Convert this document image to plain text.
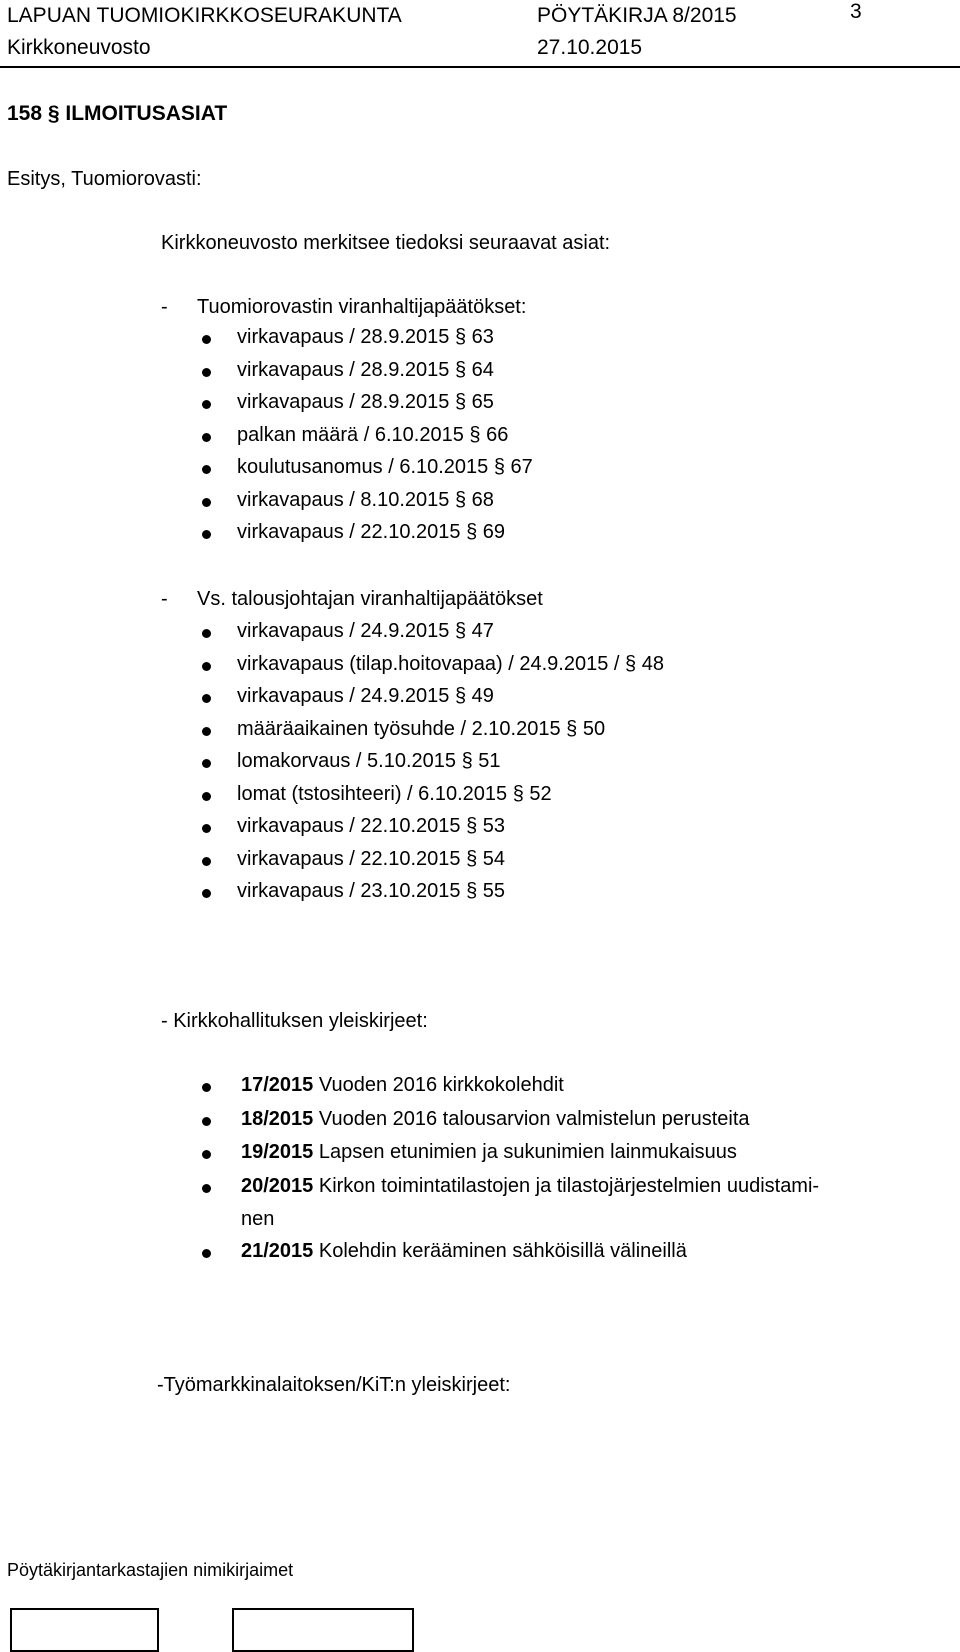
LAPUAN TUOMIOKIRKKOSEURAKUNTA	PÖYTÄKIRJA 8/2015	3
Kirkkoneuvosto	27.10.2015
158 § ILMOITUSASIAT
Esitys, Tuomiorovasti:
Kirkkoneuvosto merkitsee tiedoksi seuraavat asiat:
- Tuomiorovastin viranhaltijapäätökset:
virkavapaus / 28.9.2015 § 63
virkavapaus / 28.9.2015 § 64
virkavapaus / 28.9.2015 § 65
palkan määrä / 6.10.2015 § 66
koulutusanomus / 6.10.2015 § 67
virkavapaus / 8.10.2015 § 68
virkavapaus / 22.10.2015 § 69
- Vs. talousjohtajan viranhaltijapäätökset
virkavapaus / 24.9.2015 § 47
virkavapaus (tilap.hoitovapaa) / 24.9.2015 / § 48
virkavapaus / 24.9.2015 § 49
määräaikainen työsuhde / 2.10.2015 § 50
lomakorvaus / 5.10.2015 § 51
lomat (tstosihteeri) / 6.10.2015 § 52
virkavapaus / 22.10.2015 § 53
virkavapaus / 22.10.2015 § 54
virkavapaus / 23.10.2015 § 55
- Kirkkohallituksen yleiskirjeet:
17/2015 Vuoden 2016 kirkkokolehdit
18/2015 Vuoden 2016 talousarvion valmistelun perusteita
19/2015 Lapsen etunimien ja sukunimien lainmukaisuus
20/2015 Kirkon toimintatilastojen ja tilastojärjestelmien uudistami-
nen
21/2015 Kolehdin kerääminen sähköisillä välineillä
-Työmarkkinalaitoksen/KiT:n yleiskirjeet:
Pöytäkirjantarkastajien nimikirjaimet
